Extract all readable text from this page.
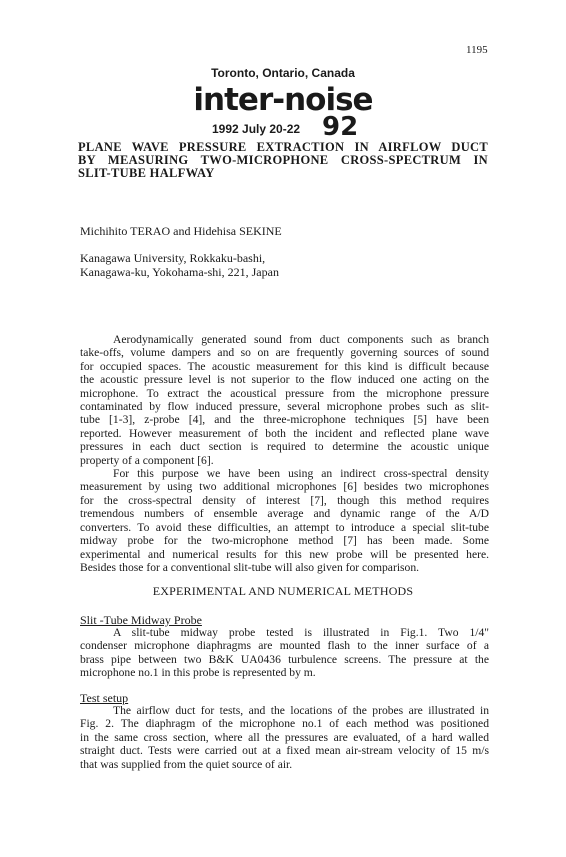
1195
Toronto, Ontario, Canada
inter-noise
1992 July 20-22 92
PLANE WAVE PRESSURE EXTRACTION IN AIRFLOW DUCT
BY MEASURING TWO-MICROPHONE CROSS-SPECTRUM IN
SLIT-TUBE HALFWAY
Michihito TERAO and Hidehisa SEKINE
Kanagawa University, Rokkaku-bashi,
Kanagawa-ku, Yokohama-shi, 221, Japan
Aerodynamically generated sound from duct components such as branch
take-offs, volume dampers and so on are frequently governing sources of sound
for occupied spaces. The acoustic measurement for this kind is difficult because
the acoustic pressure level is not superior to the flow induced one acting on the
microphone. To extract the acoustical pressure from the microphone pressure
contaminated by flow induced pressure, several microphone probes such as slit-
tube [1-3], z-probe [4], and the three-microphone techniques [5] have been
reported. However measurement of both the incident and reflected plane wave
pressures in each duct section is required to determine the acoustic unique
property of a component [6].
For this purpose we have been using an indirect cross-spectral density
measurement by using two additional microphones [6] besides two microphones
for the cross-spectral density of interest [7], though this method requires
tremendous numbers of ensemble average and dynamic range of the A/D
converters. To avoid these difficulties, an attempt to introduce a special slit-tube
midway probe for the two-microphone method [7] has been made. Some
experimental and numerical results for this new probe will be presented here.
Besides those for a conventional slit-tube will also given for comparison.
EXPERIMENTAL AND NUMERICAL METHODS
Slit -Tube Midway Probe
A slit-tube midway probe tested is illustrated in Fig.1. Two 1/4"
condenser microphone diaphragms are mounted flash to the inner surface of a
brass pipe between two B&K UA0436 turbulence screens. The pressure at the
microphone no.1 in this probe is represented by m.
Test setup
The airflow duct for tests, and the locations of the probes are illustrated in
Fig. 2. The diaphragm of the microphone no.1 of each method was positioned
in the same cross section, where all the pressures are evaluated, of a hard walled
straight duct. Tests were carried out at a fixed mean air-stream velocity of 15 m/s
that was supplied from the quiet source of air.
